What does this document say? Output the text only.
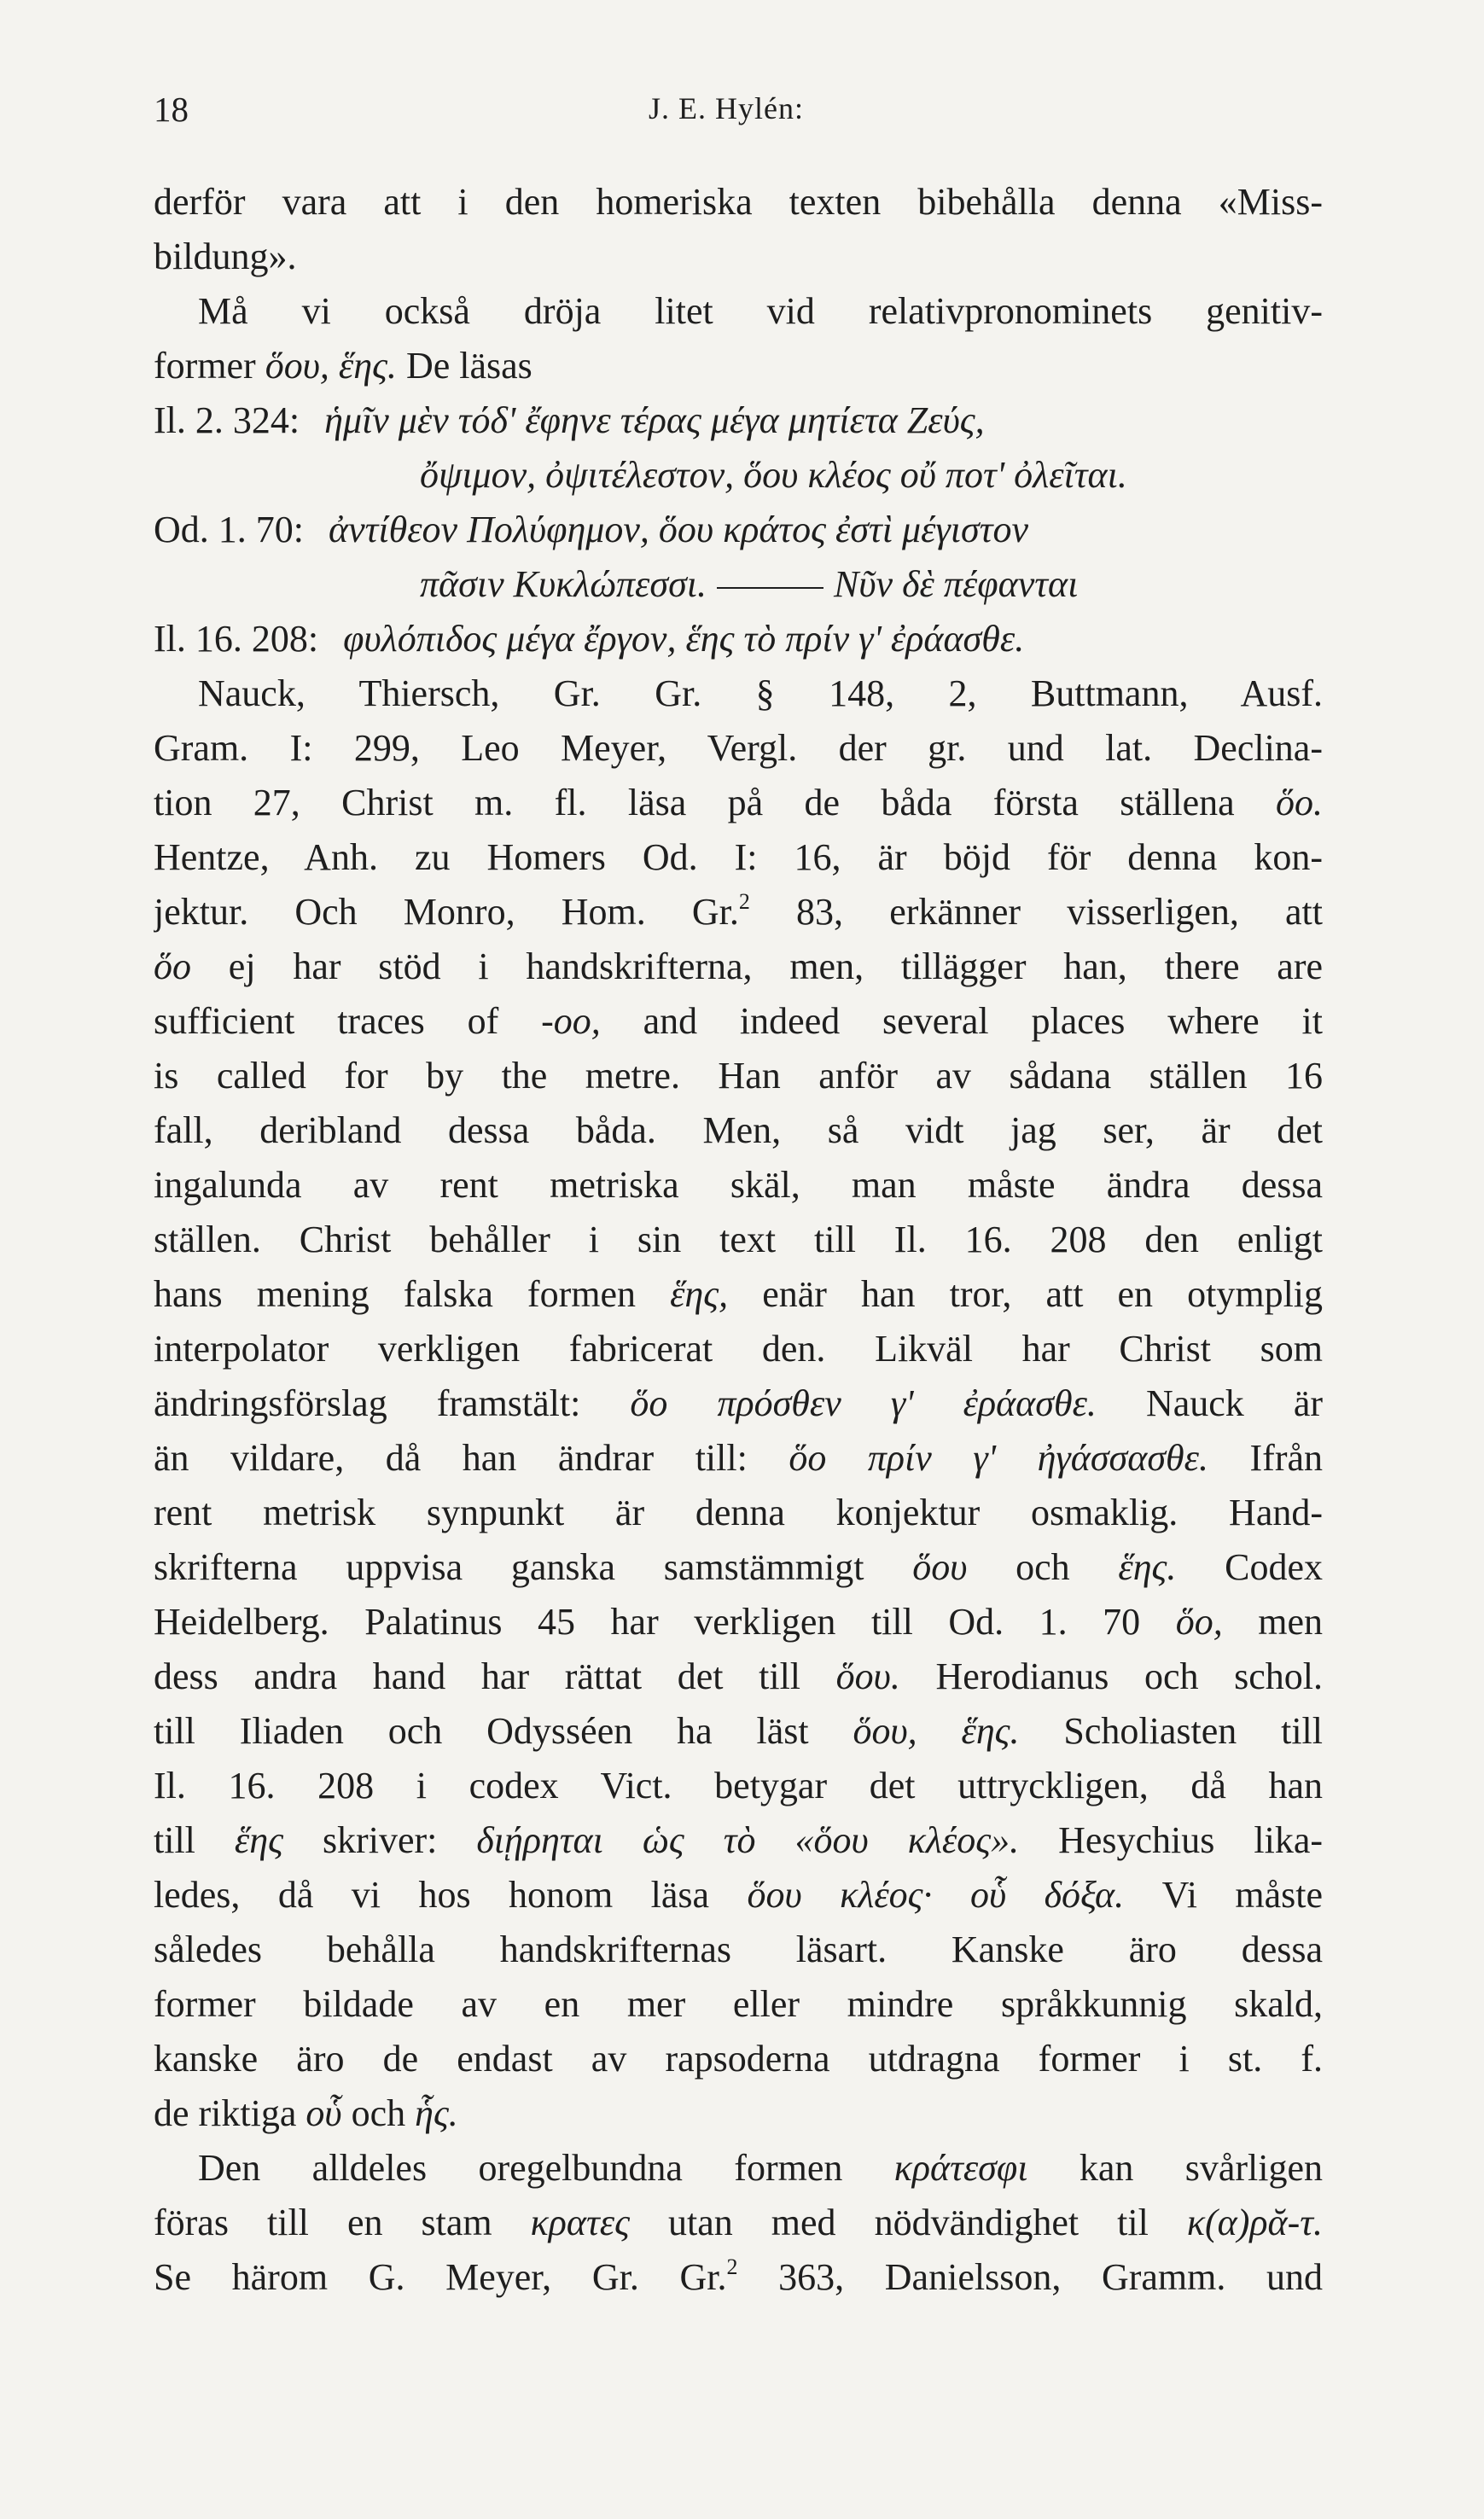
18	J. E. Hylén:
derför vara att i den homeriska texten bibehålla denna «Miss-
bildung».
Må vi också dröja litet vid relativpronominets genitiv-
former ὅου, ἕης. De läsas
Il. 2. 324: ἡμῖν μὲν τόδ' ἔφηνε τέρας μέγα μητίετα Ζεύς,
ὄψιμον, ὀψιτέλεστον, ὅου κλέος οὔ ποτ' ὀλεῖται.
Od. 1. 70: ἀντίθεον Πολύφημον, ὅου κράτος ἐστὶ μέγιστον
πᾶσιν Κυκλώπεσσι.	Νῦν δὲ πέφανται
Il. 16. 208: φυλόπιδος μέγα ἔργον, ἕης τὸ πρίν γ' ἐράασθε.
Nauck, Thiersch, Gr. Gr. § 148, 2, Buttmann, Ausf.
Gram. I: 299, Leo Meyer, Vergl. der gr. und lat. Declina-
tion 27, Christ m. fl. läsa på de båda första ställena ὅο.
Hentze, Anh. zu Homers Od. I: 16, är böjd för denna kon-
jektur. Och Monro, Hom. Gr.$^2$ 83, erkänner visserligen, att
ὅο ej har stöd i handskrifterna, men, tillägger han, there are
sufficient traces of -οο, and indeed several places where it
is called for by the metre. Han anför av sådana ställen 16
fall, deribland dessa båda. Men, så vidt jag ser, är det
ingalunda av rent metriska skäl, man måste ändra dessa
ställen. Christ behåller i sin text till Il. 16. 208 den enligt
hans mening falska formen ἕης, enär han tror, att en otymplig
interpolator verkligen fabricerat den. Likväl har Christ som
ändringsförslag framstält: ὅο πρόσθεν γ' ἐράασθε. Nauck är
än vildare, då han ändrar till: ὅο πρίν γ' ἠγάσσασθε. Ifrån
rent metrisk synpunkt är denna konjektur osmaklig. Hand-
skrifterna uppvisa ganska samstämmigt ὅου och ἕης. Codex
Heidelberg. Palatinus 45 har verkligen till Od. 1. 70 ὅο, men
dess andra hand har rättat det till ὅου. Herodianus och schol.
till Iliaden och Odysséen ha läst ὅου, ἕης. Scholiasten till
Il. 16. 208 i codex Vict. betygar det uttryckligen, då han
till ἕης skriver: διῄρηται ὡς τὸ «ὅου κλέος». Hesychius lika-
ledes, då vi hos honom läsa ὅου κλέος· οὗ δόξα. Vi måste
således behålla handskrifternas läsart. Kanske äro dessa
former bildade av en mer eller mindre språkkunnig skald,
kanske äro de endast av rapsoderna utdragna former i st. f.
de riktiga οὗ och ἧς.
Den alldeles oregelbundna formen κράτεσφι kan svårligen
föras till en stam κρατες utan med nödvändighet til κ(α)ρᾰ-τ.
Se härom G. Meyer, Gr. Gr.$^2$ 363, Danielsson, Gramm. und
